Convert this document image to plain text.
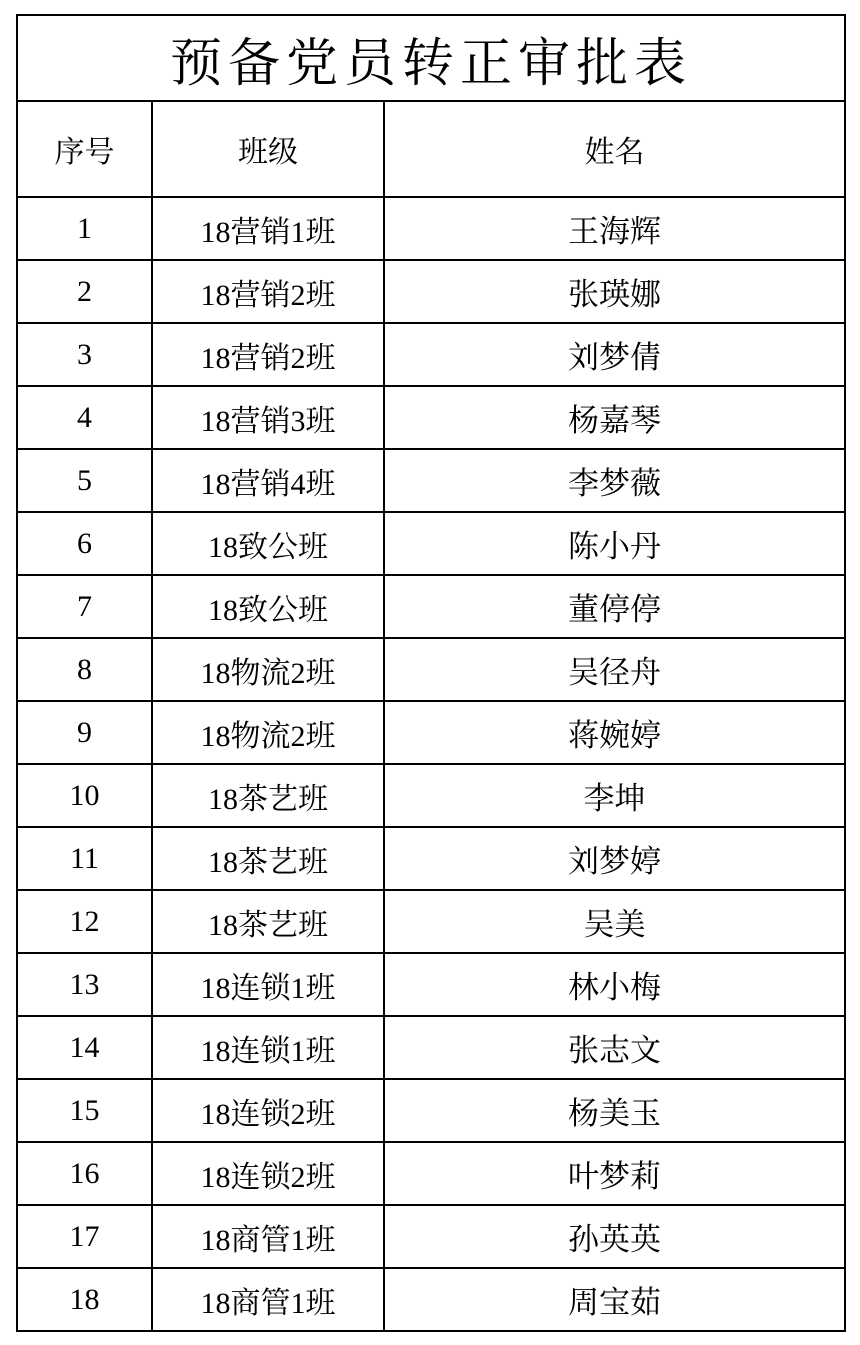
预备党员转正审批表		
序号	班级	姓名
1	18营销1班	王海辉
2	18营销2班	张瑛娜
3	18营销2班	刘梦倩
4	18营销3班	杨嘉琴
5	18营销4班	李梦薇
6	18致公班	陈小丹
7	18致公班	董停停
8	18物流2班	吴径舟
9	18物流2班	蒋婉婷
10	18茶艺班	李坤
11	18茶艺班	刘梦婷
12	18茶艺班	吴美
13	18连锁1班	林小梅
14	18连锁1班	张志文
15	18连锁2班	杨美玉
16	18连锁2班	叶梦莉
17	18商管1班	孙英英
18	18商管1班	周宝茹
